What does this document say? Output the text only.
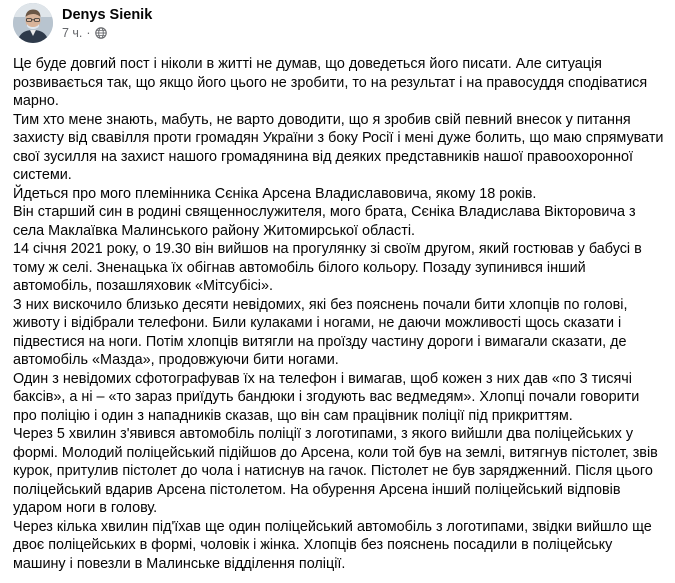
Denys Sienik
7 ч. ·

Це буде довгий пост і ніколи в житті не думав, що доведеться його писати. Але ситуація розвивається так, що якщо його цього не зробити, то на результат і на правосуддя сподіватися марно.

Тим хто мене знають, мабуть, не варто доводити, що я зробив свій певний внесок у питання захисту від свавілля проти громадян України з боку Росії і мені дуже болить, що маю спрямувати свої зусилля на захист нашого громадянина від деяких представників нашої правоохоронної системи.

Йдеться про мого племінника Сєніка Арсена Владиславовича, якому 18 років.

Він старший син в родині священнослужителя, мого брата, Сєніка Владислава Вікторовича з села Маклаївка Малинського району Житомирської області.

14 січня 2021 року, о 19.30 він вийшов на прогулянку зі своїм другом, який гостював у бабусі в тому ж селі. Зненацька їх обігнав автомобіль білого кольору. Позаду зупинився інший автомобіль, позашляховик «Мітсубісі».

З них вискочило близько десяти невідомих, які без пояснень почали бити хлопців по голові, животу і відібрали телефони. Били кулаками і ногами, не даючи можливості щось сказати і підвестися на ноги. Потім хлопців витягли на проїзду частину дороги і вимагали сказати, де автомобіль «Мазда», продовжуючи бити ногами.

Один з невідомих сфотографував їх на телефон і вимагав, щоб кожен з них дав «по 3 тисячі баксів», а ні – «то зараз приїдуть бандюки і згодують вас ведмедям». Хлопці почали говорити про поліцію і один з нападників сказав, що він сам працівник поліції під прикриттям.

Через 5 хвилин з'явився автомобіль поліції з логотипами, з якого вийшли два поліцейських у формі. Молодий поліцейський підійшов до Арсена, коли той був на землі, витягнув пістолет, звів курок, притулив пістолет до чола і натиснув на гачок. Пістолет не був зарядженний. Після цього поліцейський вдарив Арсена пістолетом. На обурення Арсена інший поліцейський відповів ударом ноги в голову.

Через кілька хвилин під'їхав ще один поліцейський автомобіль з логотипами, звідки вийшло ще двоє поліцейських в формі, чоловік і жінка. Хлопців без пояснень посадили в поліцейську машину і повезли в Малинське відділення поліції.
